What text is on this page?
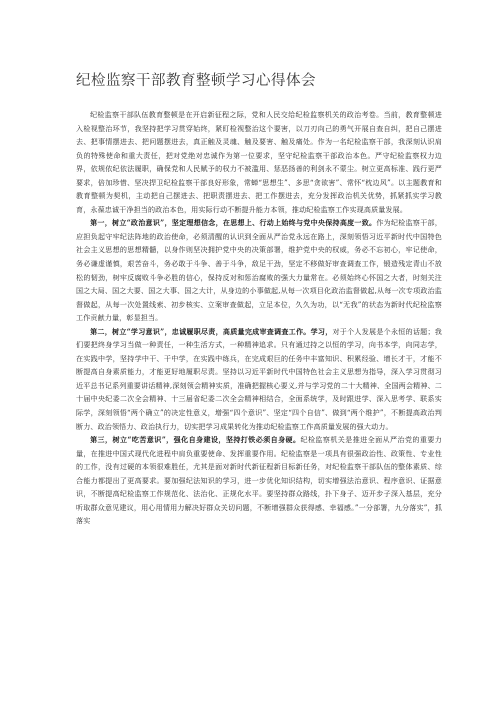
纪检监察干部教育整顿学习心得体会

纪检监察干部队伍教育整顿是在开启新征程之际，党和人民交给纪检监察机关的政治考卷。当前，教育整顿进入检视整治环节，我坚持把学习贯穿始终，紧盯检视整治这个要害，以刀刃向己的勇气开展自查自纠，把自己摆进去、把事情摆进去、把问题摆进去，真正触及灵魂、触及要害、触及痛处。作为一名纪检监察干部，我深刻认识肩负的特殊使命和重大责任，把对党绝对忠诚作为第一位要求，坚守纪检监察干部政治本色。严守纪检监察权力边界，依规依纪依法履职，确保党和人民赋予的权力不被滥用、惩恶扬善的利剑永不蒙尘。树立更高标准、践行更严要求，倍加珍惜、坚决捍卫纪检监察干部良好形象，常蝉“思想生”、多思“贪欲害”、常怀“枕边风”。以主题教育和教育整顿为契机，主动把自己摆进去、把职责摆进去、把工作摆进去，充分发挥政治机关优势，抓紧抓实学习教育，永葆忠诚干净担当的政治本色，用实际行动不断提升能力本领，推动纪检监察工作实现高质量发展。

第一，树立“政治意识”，坚定理想信念，在思想上、行动上始终与党中央保持高度一致。作为纪检监察干部，应担负起守牢纪法阵地的政治使命，必须清醒的认识到全面从严治党永远在路上，深刻领悟习近平新时代中国特色社会主义思想的思想精髓，以身作则坚决拥护党中央的决策部署，维护党中央的权威，务必不忘初心，牢记使命，务必谦虚谨慎，艰苦奋斗，务必敢于斗争、善于斗争，敌足干劲，坚定不移做好审查调查工作，锻造残定青山不放松的韧劲，树牢反腐败斗争必胜的信心，保持反对和惩治腐败的强大力量常在。必须始终心怀国之大者，时刻关注国之大局、国之大要、国之大事、国之大计，从身边的小事做起,从每一次项目化政治监督做起,从每一次专项政治监督做起，从每一次处置线索、初步核实、立案审查做起，立足本位，久久为功，以“无我”的状态为新时代纪检监察工作贡献力量，彰显担当。

第二，树立“学习意识”，忠诚履职尽责，高质量完成审查调查工作。学习，对于个人发展是个永恒的话题；我们要把终身学习当做一种责任，一种生活方式，一种精神追求。只有通过持之以恒的学习，向书本学，向同志学，在实践中学，坚持学中干、干中学，在实践中练兵，在完成艰巨的任务中丰富知识、积累经验、增长才干，才能不断提高自身素质能力，才能更好地履职尽责。坚持以习近平新时代中国特色社会主义思想为指导，深入学习贯彻习近平总书记系列重要讲话精神,深刻领会精神实质，准确把握核心要义,并与学习党的二十大精神、全国两会精神、二十届中央纪委二次全会精神、十三届省纪委二次全会精神相结合，全面系统学，及时跟进学、深入思考学、联系实际学，深刻领悟“两个确立”的决定性意义，增强“四个意识”、坚定“四个自信”、做到“两个维护”，不断提高政治判断力、政治领悟力、政治执行力，切实把学习成果转化为推动纪检监察工作高质量发展的强大动力。

第三，树立“吃苦意识”，强化自身建设，坚持打铁必须自身硬。纪检监察机关是推进全面从严治党的重要力量，在推进中国式现代化进程中肩负重要使命、发挥重要作用。纪检监察是一项具有很强政治性、政策性、专业性的工作，没有过硬的本领很难胜任，尤其是面对新时代新征程新目标新任务，对纪检监察干部队伍的整体素质、综合能力都提出了更高要求。要加强纪法知识的学习，进一步优化知识结构，切实增强法治意识、程序意识、证据意识，不断提高纪检监察工作规范化、法治化、正规化水平。要坚持群众路线，扑下身子、迈开步子深入基层，充分听取群众意见建议，用心用情用力解决好群众关切问题，不断增强群众获得感、幸福感。”一分部署，九分落实”，抓落实
